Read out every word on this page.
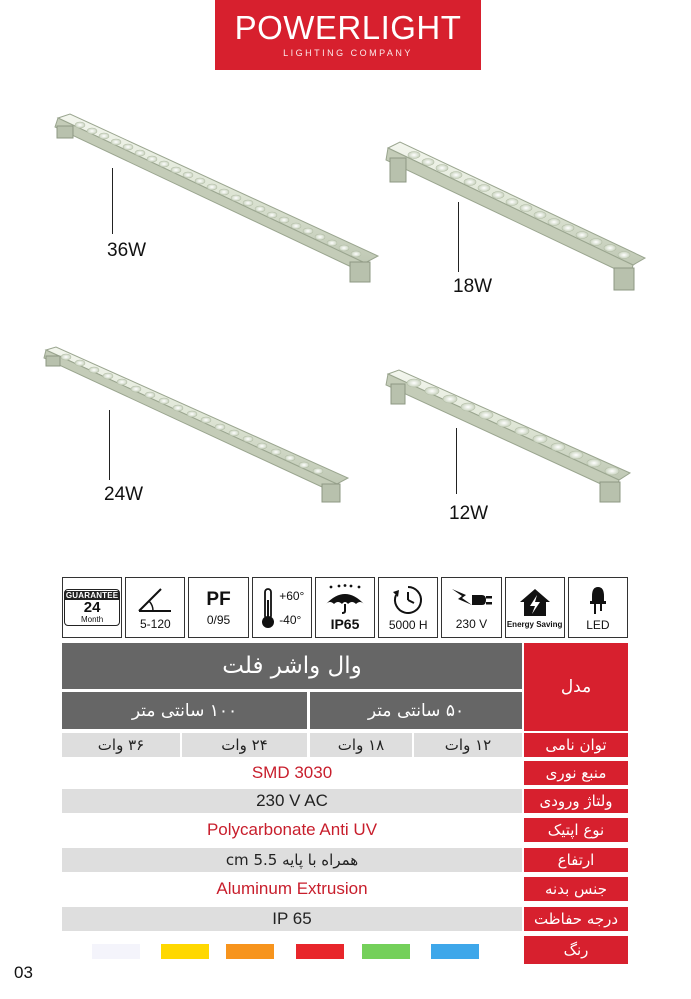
POWERLIGHT
LIGHTING COMPANY
36W
18W
24W
12W
GUARANTEE
24
Month	5-120
PF
0/95
+60°
-40° IP65 5000 H 230 V Energy Saving LED
مدل
وال واشر فلت
۵۰ سانتی متر
۱۰۰ سانتی متر
توان نامی
۱۲ وات
۱۸ وات
۲۴ وات
۳۶ وات
منبع نوری
SMD 3030
ولتاژ ورودی
230 V AC
نوع اپتیک
Polycarbonate Anti UV
ارتفاع
همراه با پایه cm 5.5
جنس بدنه
Aluminum Extrusion
درجه حفاظت
IP 65
رنگ
03
